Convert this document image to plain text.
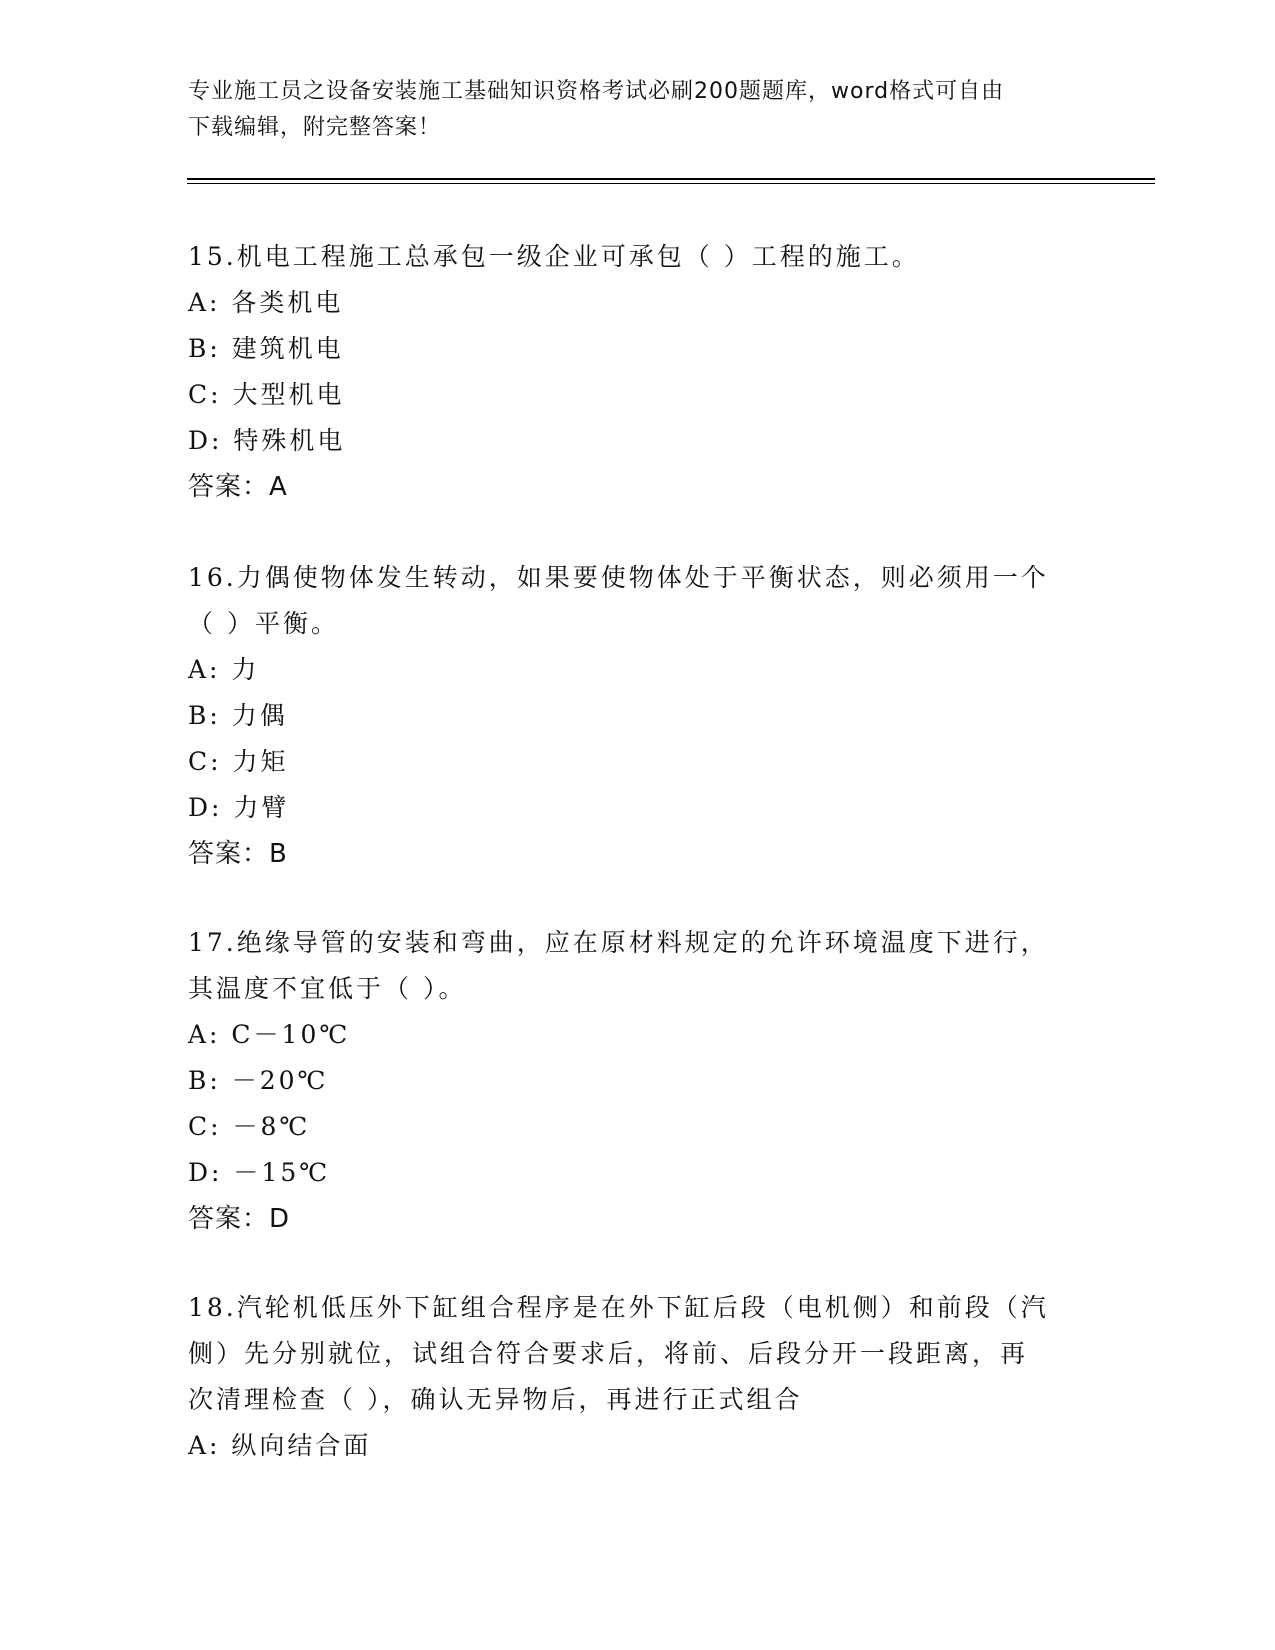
专业施工员之设备安装施工基础知识资格考试必刷200题题库，word格式可自由
下载编辑，附完整答案！
15.机电工程施工总承包一级企业可承包（ ）工程的施工。
A: 各类机电
B: 建筑机电
C: 大型机电
D: 特殊机电
答案：A
16.力偶使物体发生转动，如果要使物体处于平衡状态，则必须用一个
（ ）平衡。
A: 力
B: 力偶
C: 力矩
D: 力臂
答案：B
17.绝缘导管的安装和弯曲，应在原材料规定的允许环境温度下进行，
其温度不宜低于（ ）。
A: C－10℃
B: －20℃
C: －8℃
D: －15℃
答案：D
18.汽轮机低压外下缸组合程序是在外下缸后段（电机侧）和前段（汽
侧）先分别就位，试组合符合要求后，将前、后段分开一段距离，再
次清理检查（ ），确认无异物后，再进行正式组合
A: 纵向结合面
